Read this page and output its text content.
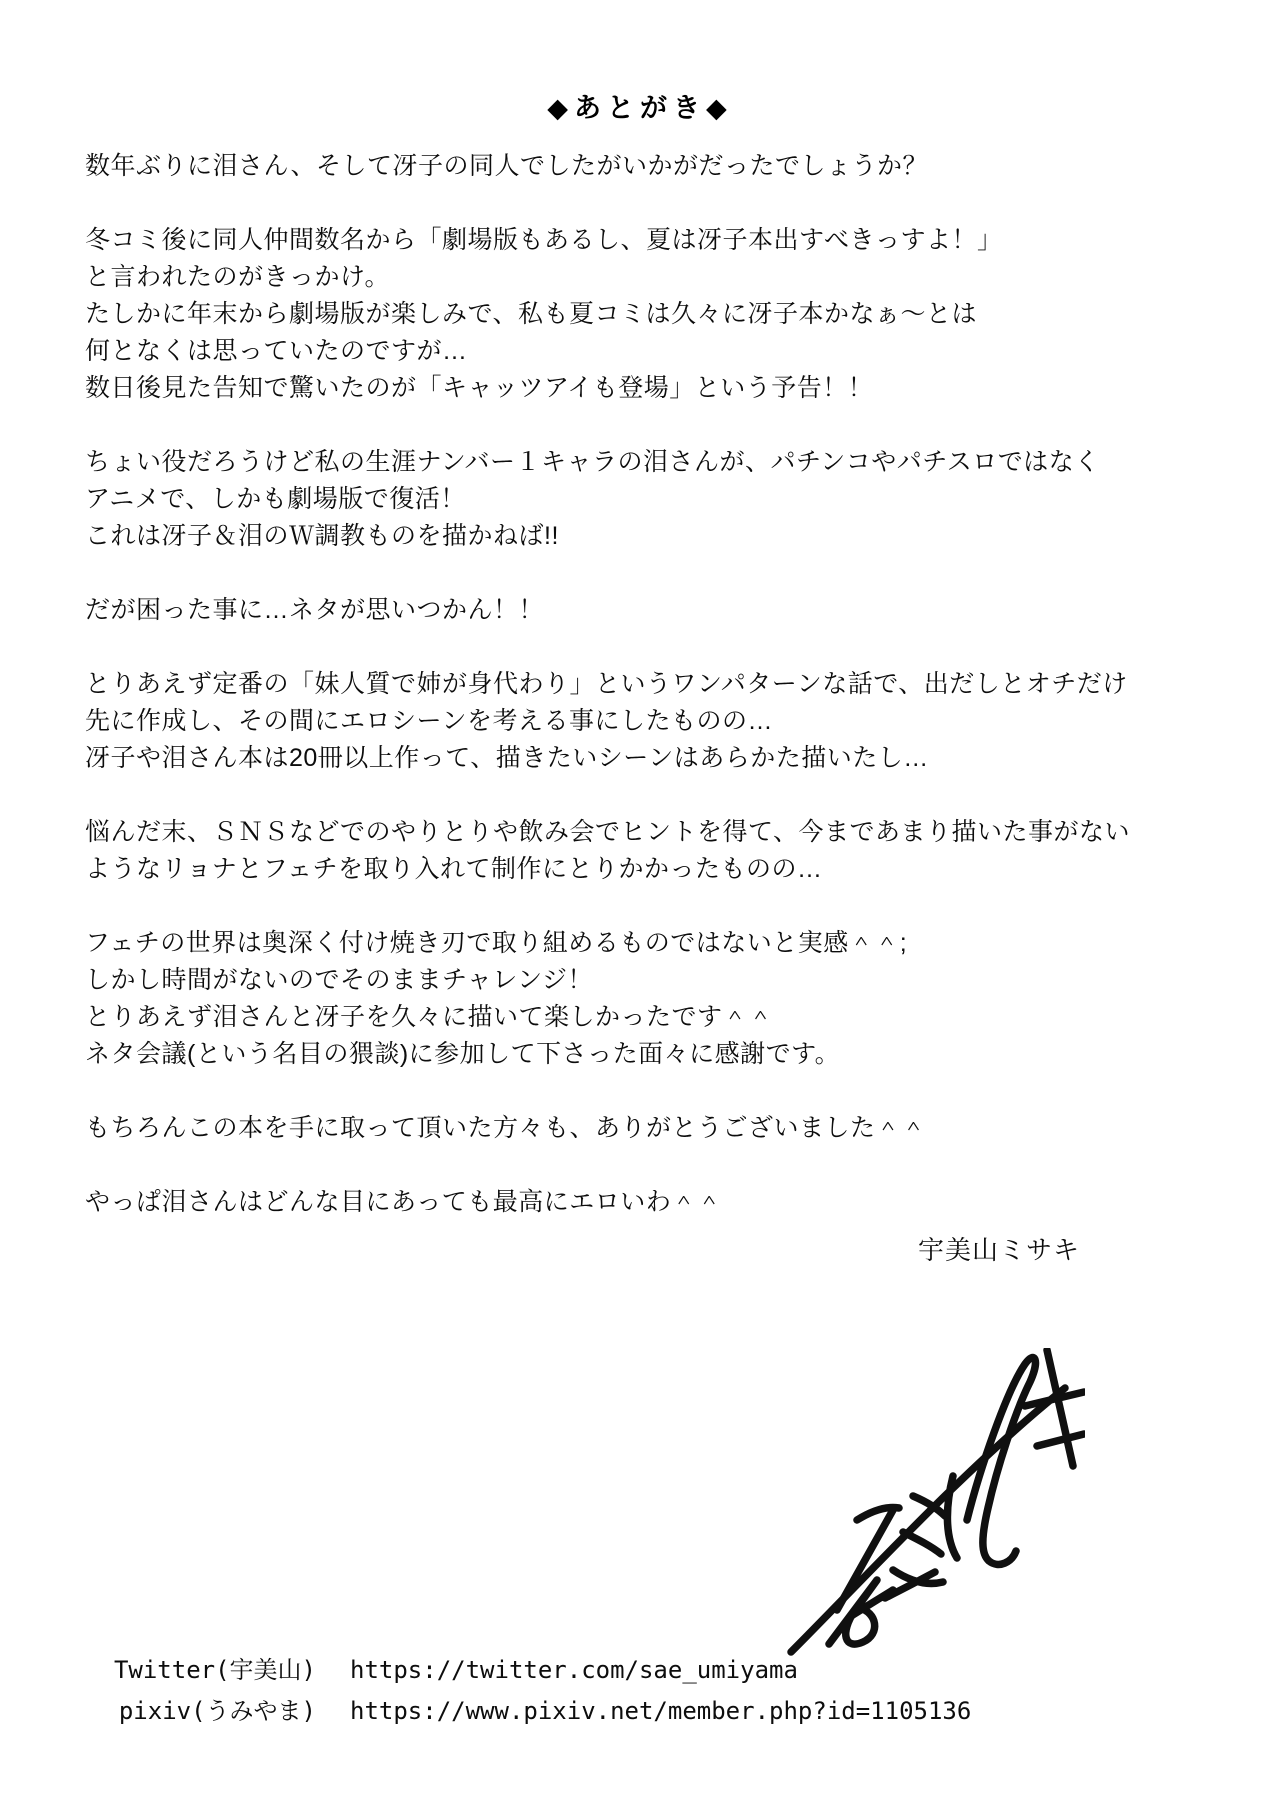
◆あとがき◆
数年ぶりに泪さん、そして冴子の同人でしたがいかがだったでしょうか？
冬コミ後に同人仲間数名から「劇場版もあるし、夏は冴子本出すべきっすよ！」
と言われたのがきっかけ。
たしかに年末から劇場版が楽しみで、私も夏コミは久々に冴子本かなぁ～とは
何となくは思っていたのですが…
数日後見た告知で驚いたのが「キャッツアイも登場」という予告！！
ちょい役だろうけど私の生涯ナンバー１キャラの泪さんが、パチンコやパチスロではなく
アニメで、しかも劇場版で復活！
これは冴子＆泪のＷ調教ものを描かねば!!
だが困った事に…ネタが思いつかん！！
とりあえず定番の「妹人質で姉が身代わり」というワンパターンな話で、出だしとオチだけ
先に作成し、その間にエロシーンを考える事にしたものの…
冴子や泪さん本は20冊以上作って、描きたいシーンはあらかた描いたし…
悩んだ末、ＳＮＳなどでのやりとりや飲み会でヒントを得て、今まであまり描いた事がない
ようなリョナとフェチを取り入れて制作にとりかかったものの…
フェチの世界は奥深く付け焼き刃で取り組めるものではないと実感＾＾;
しかし時間がないのでそのままチャレンジ！
とりあえず泪さんと冴子を久々に描いて楽しかったです＾＾
ネタ会議(という名目の猥談)に参加して下さった面々に感謝です。
もちろんこの本を手に取って頂いた方々も、ありがとうございました＾＾
やっぱ泪さんはどんな目にあっても最高にエロいわ＾＾
宇美山ミサキ
Twitter(宇美山) https://twitter.com/sae_umiyama
pixiv(うみやま) https://www.pixiv.net/member.php?id=1105136
